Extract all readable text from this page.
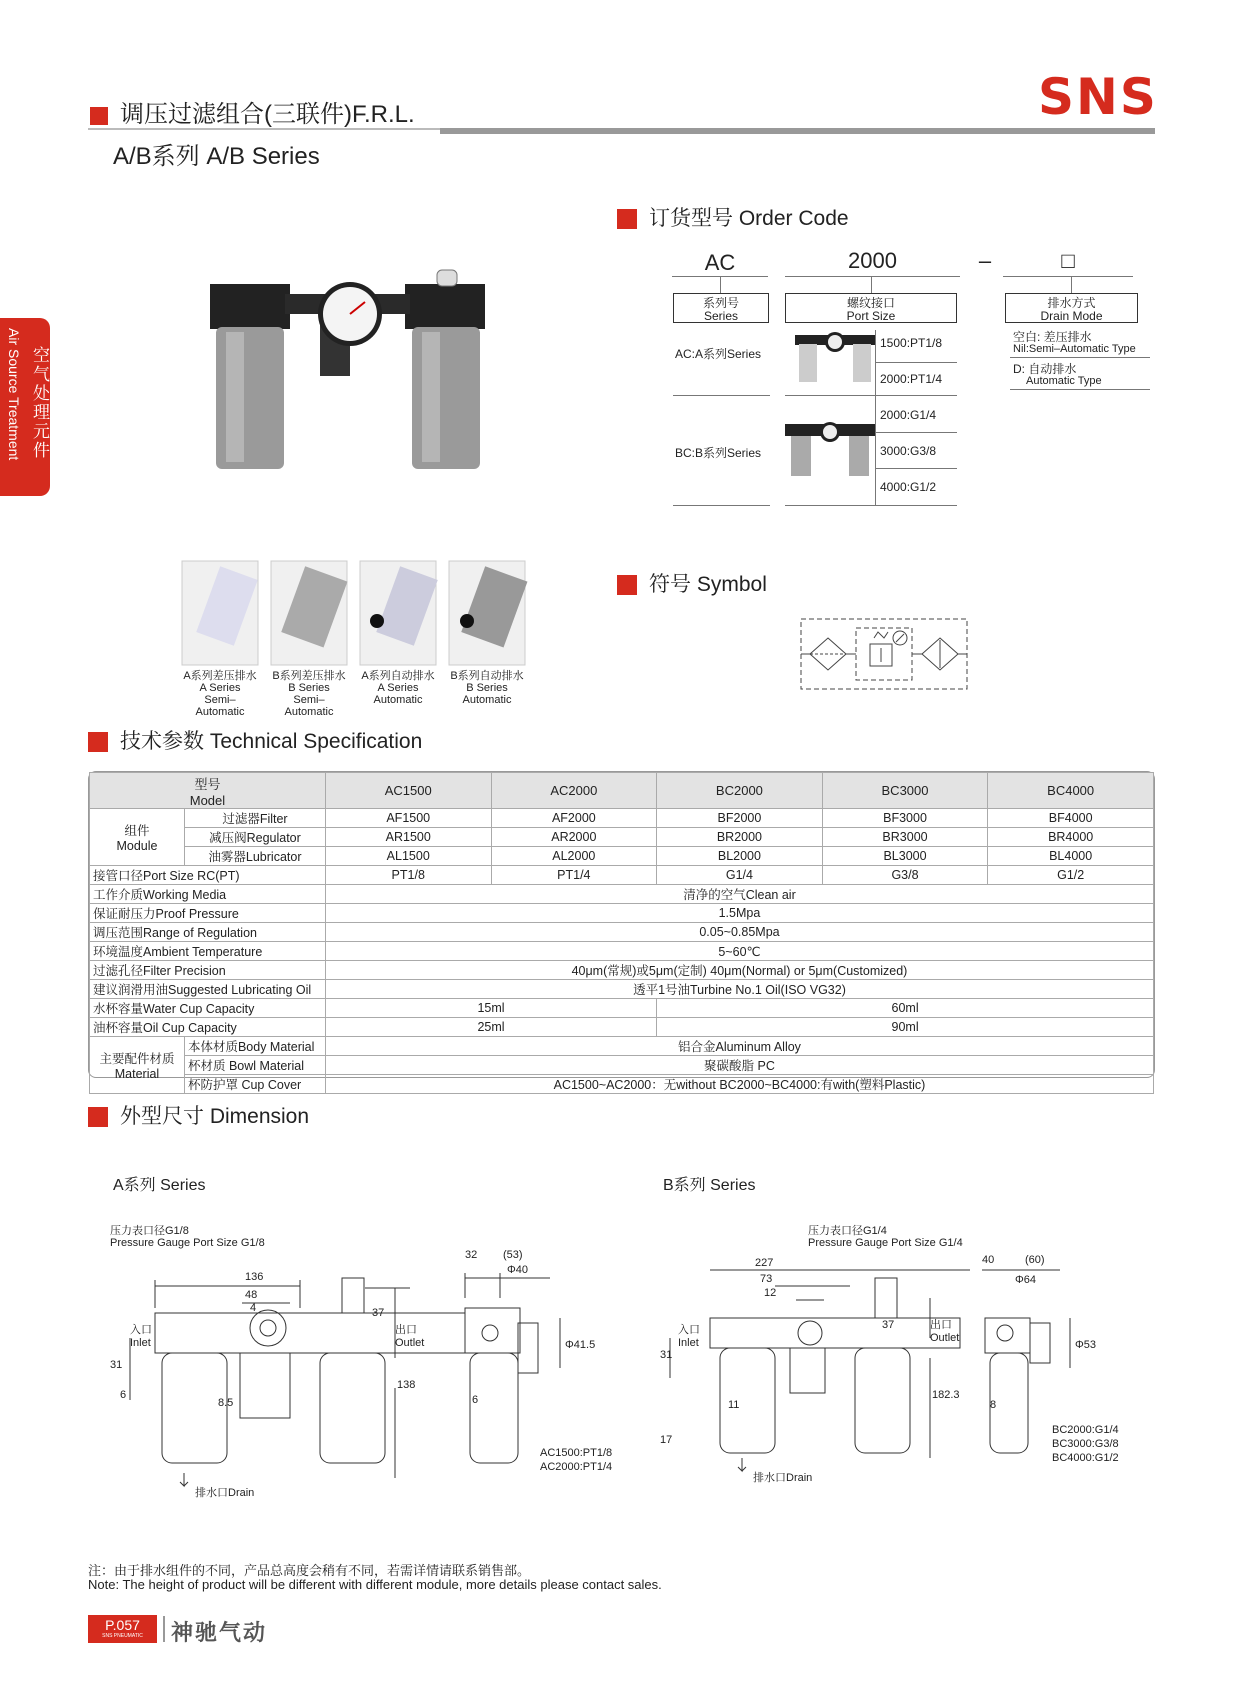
调压过滤组合(三联件)F.R.L.
A/B系列 A/B Series
SNS
空气处理元件
Air Source Treatment
订货型号 Order Code
AC	2000	–	□
系列号
Series
螺纹接口
Port Size
排水方式
Drain Mode
AC:A系列Series
BC:B系列Series
1500:PT1/8
2000:PT1/4
2000:G1/4
3000:G3/8
4000:G1/2
空白: 差压排水
Nil:Semi–Automatic Type
D: 自动排水
Automatic Type
A系列差压排水
A Series
Semi–
Automatic
B系列差压排水
B Series
Semi–
Automatic
A系列自动排水
A Series
Automatic
B系列自动排水
B Series
Automatic
符号 Symbol
技术参数 Technical Specification
型号
Model		AC1500	AC2000	BC2000	BC3000	BC4000
组件
Module	过滤器Filter	AF1500	AF2000	BF2000	BF3000	BF4000
	减压阀Regulator	AR1500	AR2000	BR2000	BR3000	BR4000
	油雾器Lubricator	AL1500	AL2000	BL2000	BL3000	BL4000
接管口径Port Size RC(PT)		PT1/8	PT1/4	G1/4	G3/8	G1/2
工作介质Working Media		清净的空气Clean air				
保证耐压力Proof Pressure		1.5Mpa				
调压范围Range of Regulation		0.05~0.85Mpa				
环境温度Ambient Temperature		5~60℃				
过滤孔径Filter Precision		40μm(常规)或5μm(定制) 40μm(Normal) or 5μm(Customized)				
建议润滑用油Suggested Lubricating Oil		透平1号油Turbine No.1 Oil(ISO VG32)				
水杯容量Water Cup Capacity		15ml		60ml		
油杯容量Oil Cup Capacity		25ml		90ml		
主要配件材质
Material	本体材质Body Material	铝合金Aluminum Alloy				
	杯材质 Bowl Material	聚碳酸脂 PC				
	杯防护罩 Cup Cover	AC1500~AC2000：无without BC2000~BC4000:有with(塑料Plastic)				
外型尺寸 Dimension
A系列 Series	B系列 Series
压力表口径G1/8
Pressure Gauge Port Size G1/8
136
48
4	37
31
6
8.5
138
32 (53)
Φ40
Φ41.5
6
入口
Inlet
出口
Outlet
排水口Drain
AC1500:PT1/8
AC2000:PT1/4
压力表口径G1/4
Pressure Gauge Port Size G1/4
227
73
12
37
31
11
182.3
17
40	(60)
Φ64
Φ53
8
入口
Inlet
出口
Outlet
排水口Drain
BC2000:G1/4
BC3000:G3/8
BC4000:G1/2
注：由于排水组件的不同，产品总高度会稍有不同，若需详情请联系销售部。
Note: The height of product will be different with different module, more details please contact sales.
P.057
SNS PNEUMATIC	神驰气动
